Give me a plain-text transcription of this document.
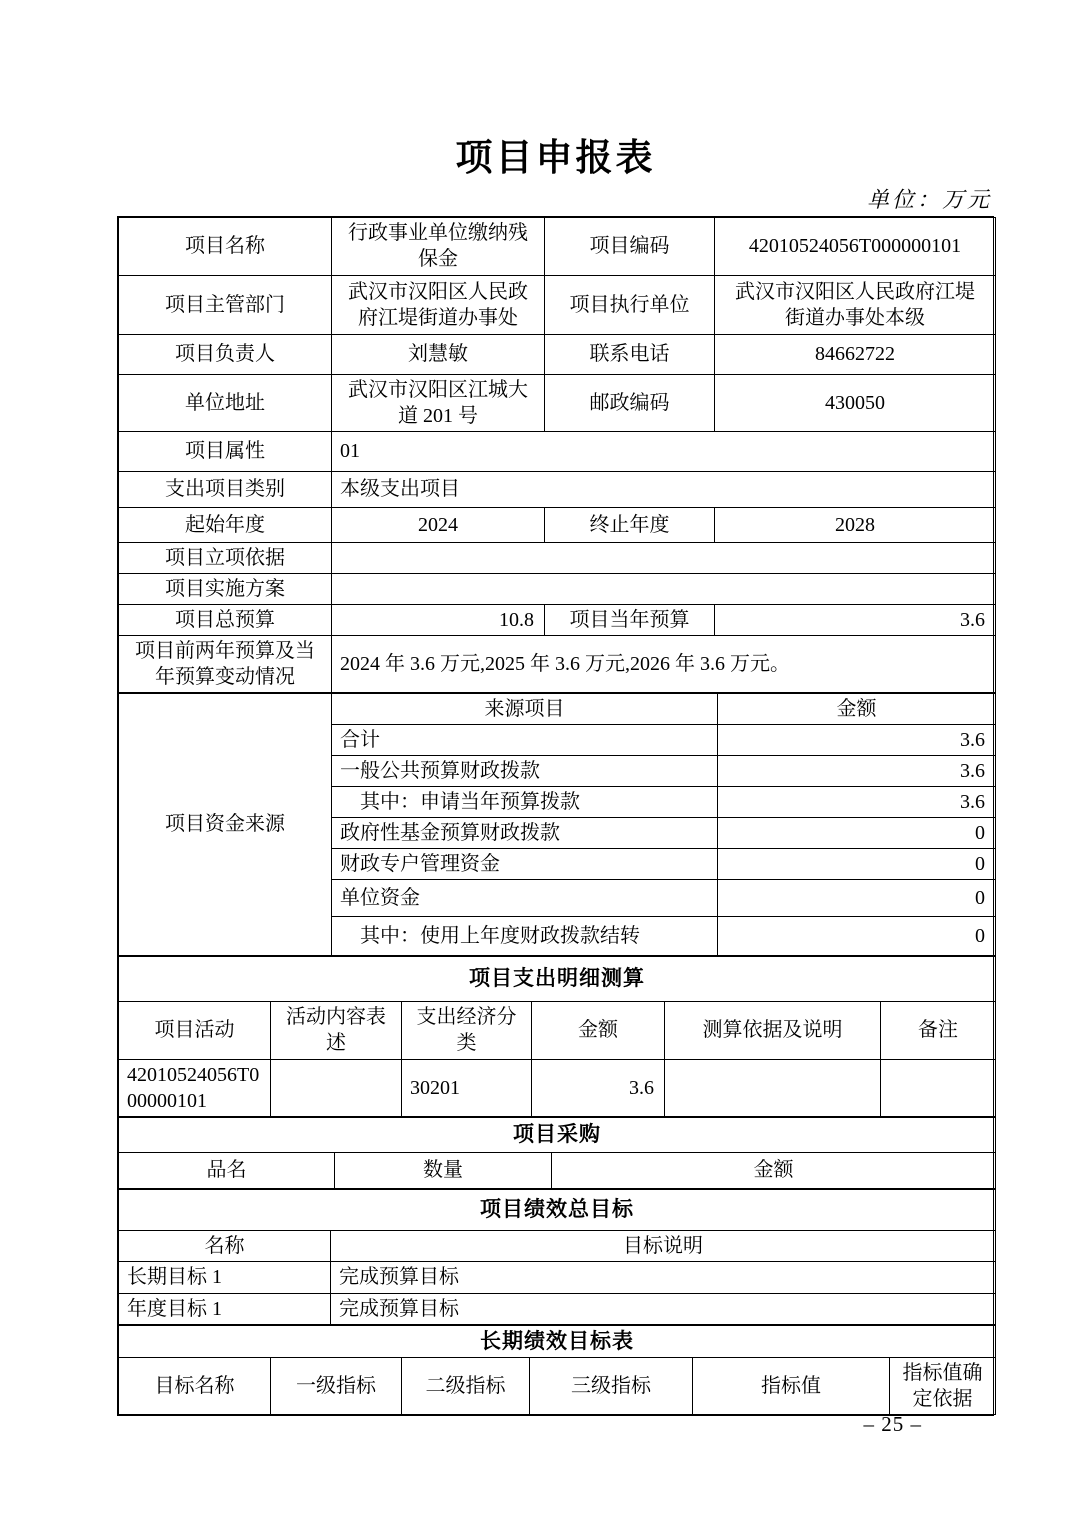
项目申报表
单位：万元
项目名称	行政事业单位缴纳残保金	项目编码	42010524056T000000101
项目主管部门	武汉市汉阳区人民政府江堤街道办事处	项目执行单位	武汉市汉阳区人民政府江堤街道办事处本级
项目负责人	刘慧敏	联系电话	84662722
单位地址	武汉市汉阳区江城大道 201 号	邮政编码	430050
项目属性	01		
支出项目类别	本级支出项目		
起始年度	2024	终止年度	2028
项目立项依据			
项目实施方案			
项目总预算	10.8	项目当年预算	3.6
项目前两年预算及当年预算变动情况	2024 年 3.6 万元,2025 年 3.6 万元,2026 年 3.6 万元。		
项目资金来源	来源项目	金额
	合计	3.6
	一般公共预算财政拨款	3.6
	其中：申请当年预算拨款	3.6
	政府性基金预算财政拨款	0
	财政专户管理资金	0
	单位资金	0
	其中：使用上年度财政拨款结转	0
项目支出明细测算					
项目活动	活动内容表述	支出经济分类	金额	测算依据及说明	备注
42010524056T000000101		30201	3.6		
项目采购
品名	数量	金额
项目绩效总目标	
名称	目标说明
长期目标 1	完成预算目标
年度目标 1	完成预算目标
长期绩效目标表
目标名称	一级指标	二级指标	三级指标	指标值	指标值确定依据
– 25 –
